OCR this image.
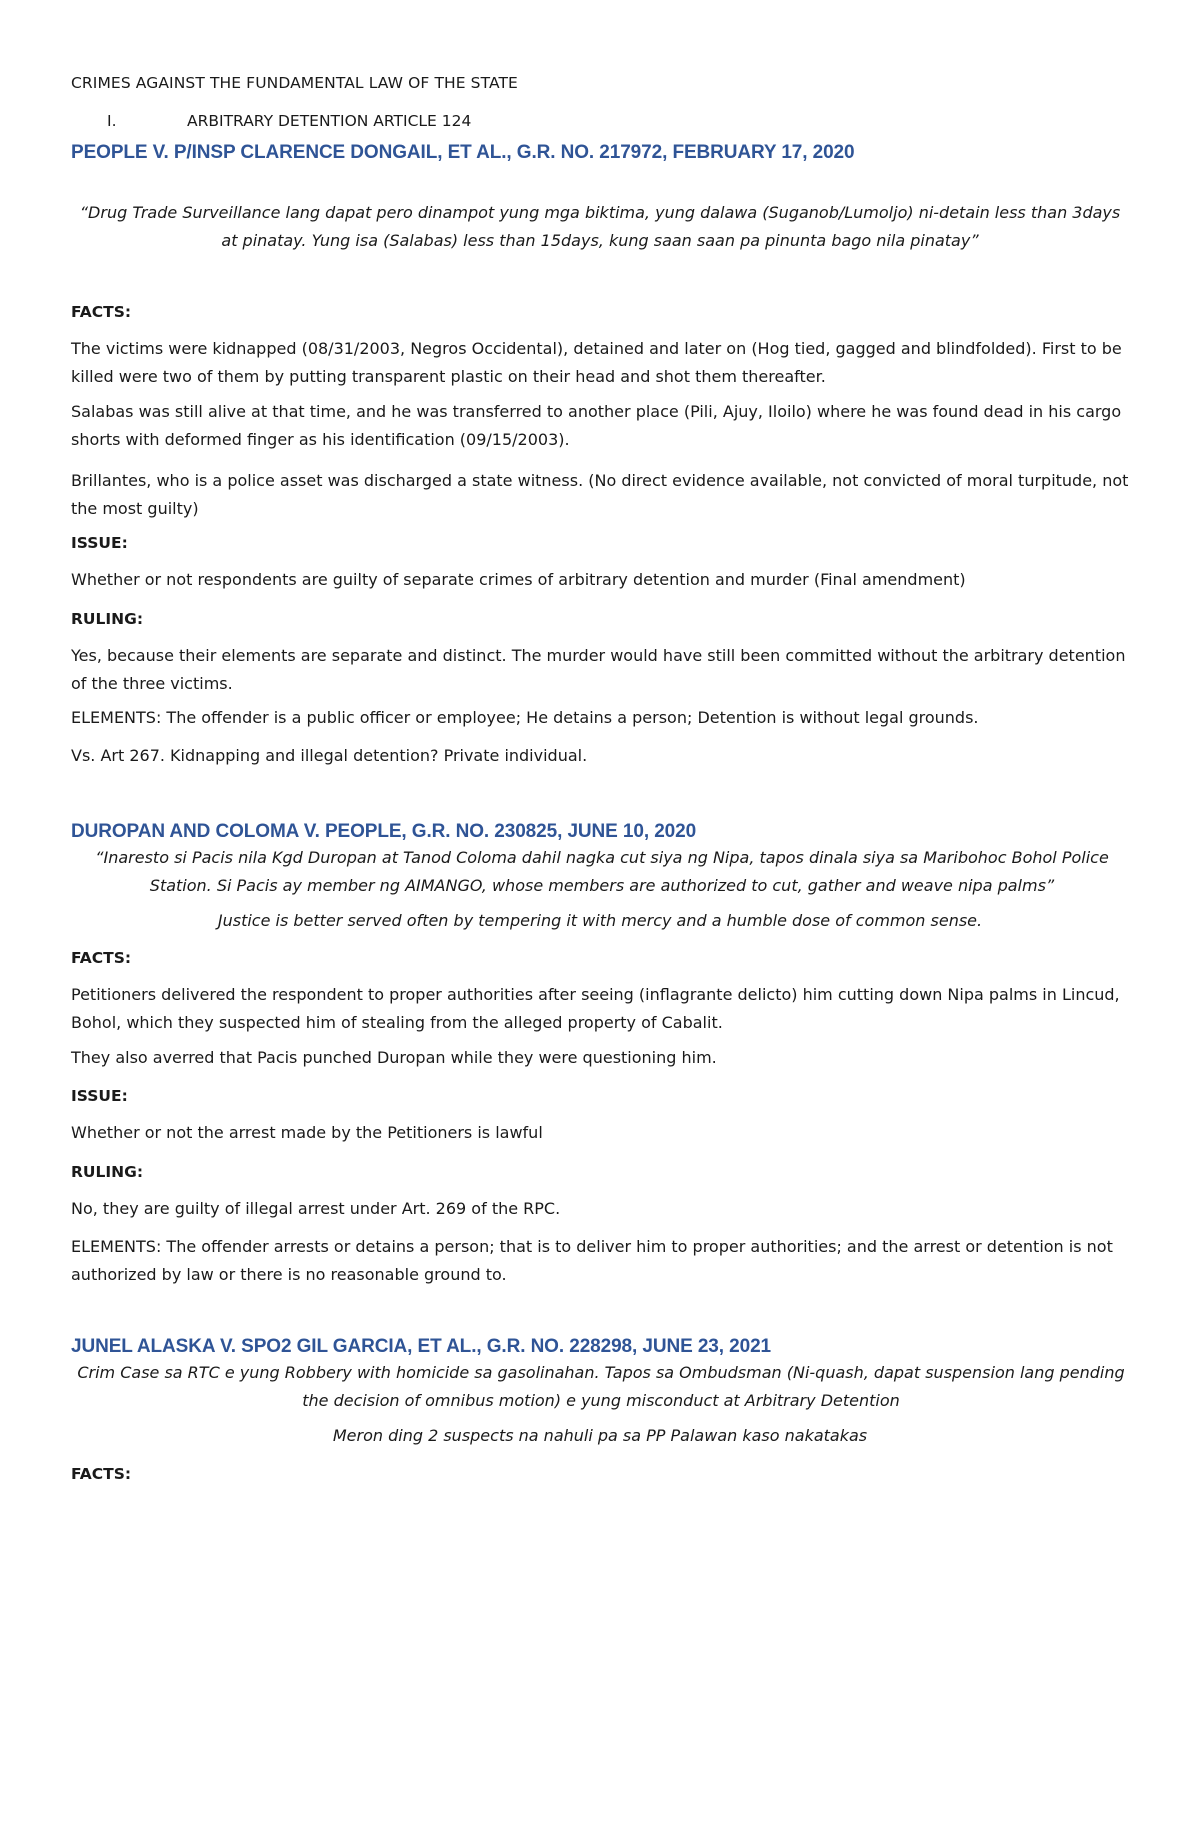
CRIMES AGAINST THE FUNDAMENTAL LAW OF THE STATE

I.	ARBITRARY DETENTION ARTICLE 124

PEOPLE V. P/INSP CLARENCE DONGAIL, ET AL., G.R. NO. 217972, FEBRUARY 17, 2020

“Drug Trade Surveillance lang dapat pero dinampot yung mga biktima, yung dalawa (Suganob/Lumoljo) ni-detain less than 3days at pinatay. Yung isa (Salabas) less than 15days, kung saan saan pa pinunta bago nila pinatay”

FACTS:

The victims were kidnapped (08/31/2003, Negros Occidental), detained and later on (Hog tied, gagged and blindfolded). First to be killed were two of them by putting transparent plastic on their head and shot them thereafter.

Salabas was still alive at that time, and he was transferred to another place (Pili, Ajuy, Iloilo) where he was found dead in his cargo shorts with deformed finger as his identification (09/15/2003).

Brillantes, who is a police asset was discharged a state witness. (No direct evidence available, not convicted of moral turpitude, not the most guilty)

ISSUE:

Whether or not respondents are guilty of separate crimes of arbitrary detention and murder (Final amendment)

RULING:

Yes, because their elements are separate and distinct. The murder would have still been committed without the arbitrary detention of the three victims.

ELEMENTS: The offender is a public officer or employee; He detains a person; Detention is without legal grounds.

Vs. Art 267. Kidnapping and illegal detention? Private individual.

DUROPAN AND COLOMA V. PEOPLE, G.R. NO. 230825, JUNE 10, 2020

“Inaresto si Pacis nila Kgd Duropan at Tanod Coloma dahil nagka cut siya ng Nipa, tapos dinala siya sa Maribohoc Bohol Police Station. Si Pacis ay member ng AIMANGO, whose members are authorized to cut, gather and weave nipa palms”

Justice is better served often by tempering it with mercy and a humble dose of common sense.

FACTS:

Petitioners delivered the respondent to proper authorities after seeing (inflagrante delicto) him cutting down Nipa palms in Lincud, Bohol, which they suspected him of stealing from the alleged property of Cabalit.

They also averred that Pacis punched Duropan while they were questioning him.

ISSUE:

Whether or not the arrest made by the Petitioners is lawful

RULING:

No, they are guilty of illegal arrest under Art. 269 of the RPC.

ELEMENTS: The offender arrests or detains a person; that is to deliver him to proper authorities; and the arrest or detention is not authorized by law or there is no reasonable ground to.

JUNEL ALASKA V. SPO2 GIL GARCIA, ET AL., G.R. NO. 228298, JUNE 23, 2021

Crim Case sa RTC e yung Robbery with homicide sa gasolinahan. Tapos sa Ombudsman (Ni-quash, dapat suspension lang pending the decision of omnibus motion) e yung misconduct at Arbitrary Detention

Meron ding 2 suspects na nahuli pa sa PP Palawan kaso nakatakas

FACTS:
